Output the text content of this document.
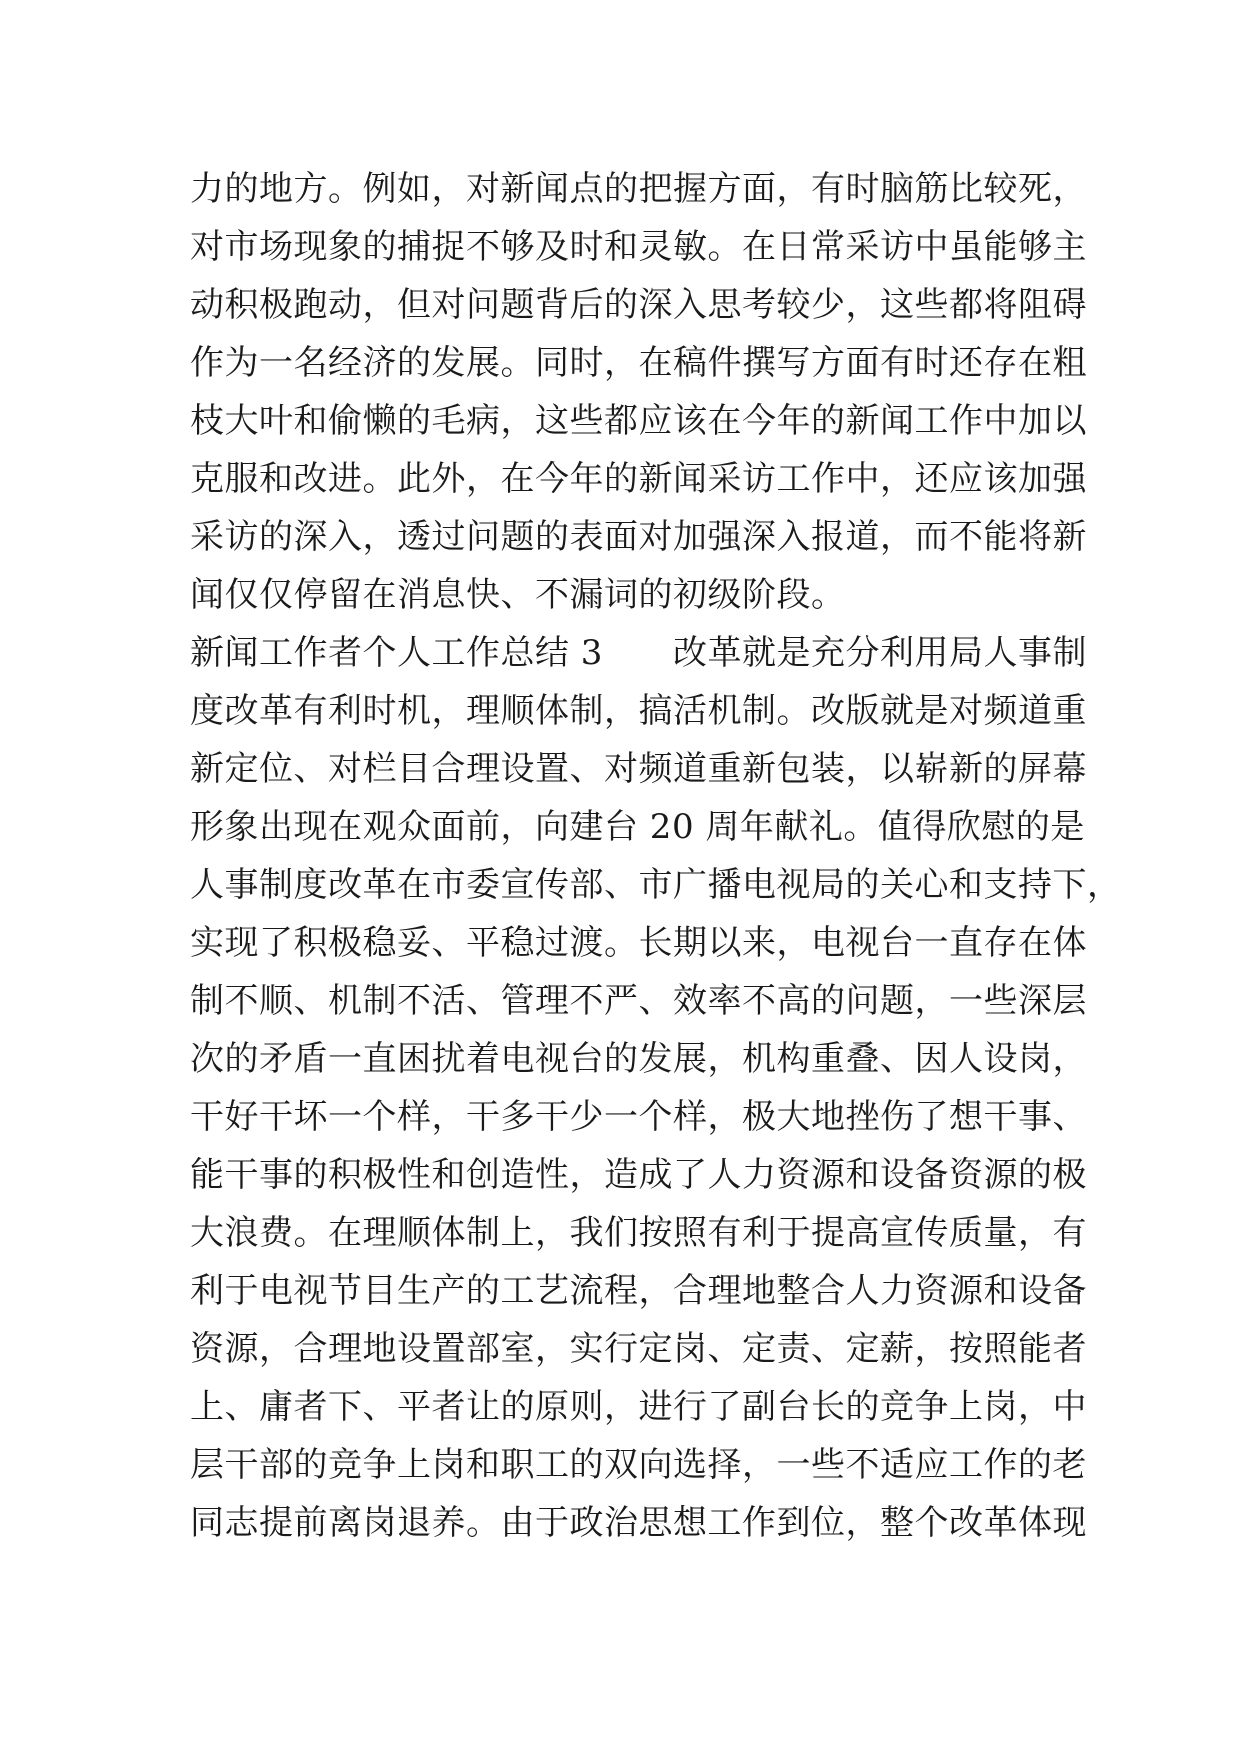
力的地方。例如，对新闻点的把握方面，有时脑筋比较死，
对市场现象的捕捉不够及时和灵敏。在日常采访中虽能够主
动积极跑动，但对问题背后的深入思考较少，这些都将阻碍
作为一名经济的发展。同时，在稿件撰写方面有时还存在粗
枝大叶和偷懒的毛病，这些都应该在今年的新闻工作中加以
克服和改进。此外，在今年的新闻采访工作中，还应该加强
采访的深入，透过问题的表面对加强深入报道，而不能将新
闻仅仅停留在消息快、不漏词的初级阶段。
新闻工作者个人工作总结 3 改革就是充分利用局人事制
度改革有利时机，理顺体制，搞活机制。改版就是对频道重
新定位、对栏目合理设置、对频道重新包装，以崭新的屏幕
形象出现在观众面前，向建台 20 周年献礼。值得欣慰的是
人事制度改革在市委宣传部、市广播电视局的关心和支持下，
实现了积极稳妥、平稳过渡。长期以来，电视台一直存在体
制不顺、机制不活、管理不严、效率不高的问题，一些深层
次的矛盾一直困扰着电视台的发展，机构重叠、因人设岗，
干好干坏一个样，干多干少一个样，极大地挫伤了想干事、
能干事的积极性和创造性，造成了人力资源和设备资源的极
大浪费。在理顺体制上，我们按照有利于提高宣传质量，有
利于电视节目生产的工艺流程，合理地整合人力资源和设备
资源，合理地设置部室，实行定岗、定责、定薪，按照能者
上、庸者下、平者让的原则，进行了副台长的竞争上岗，中
层干部的竞争上岗和职工的双向选择，一些不适应工作的老
同志提前离岗退养。由于政治思想工作到位，整个改革体现
